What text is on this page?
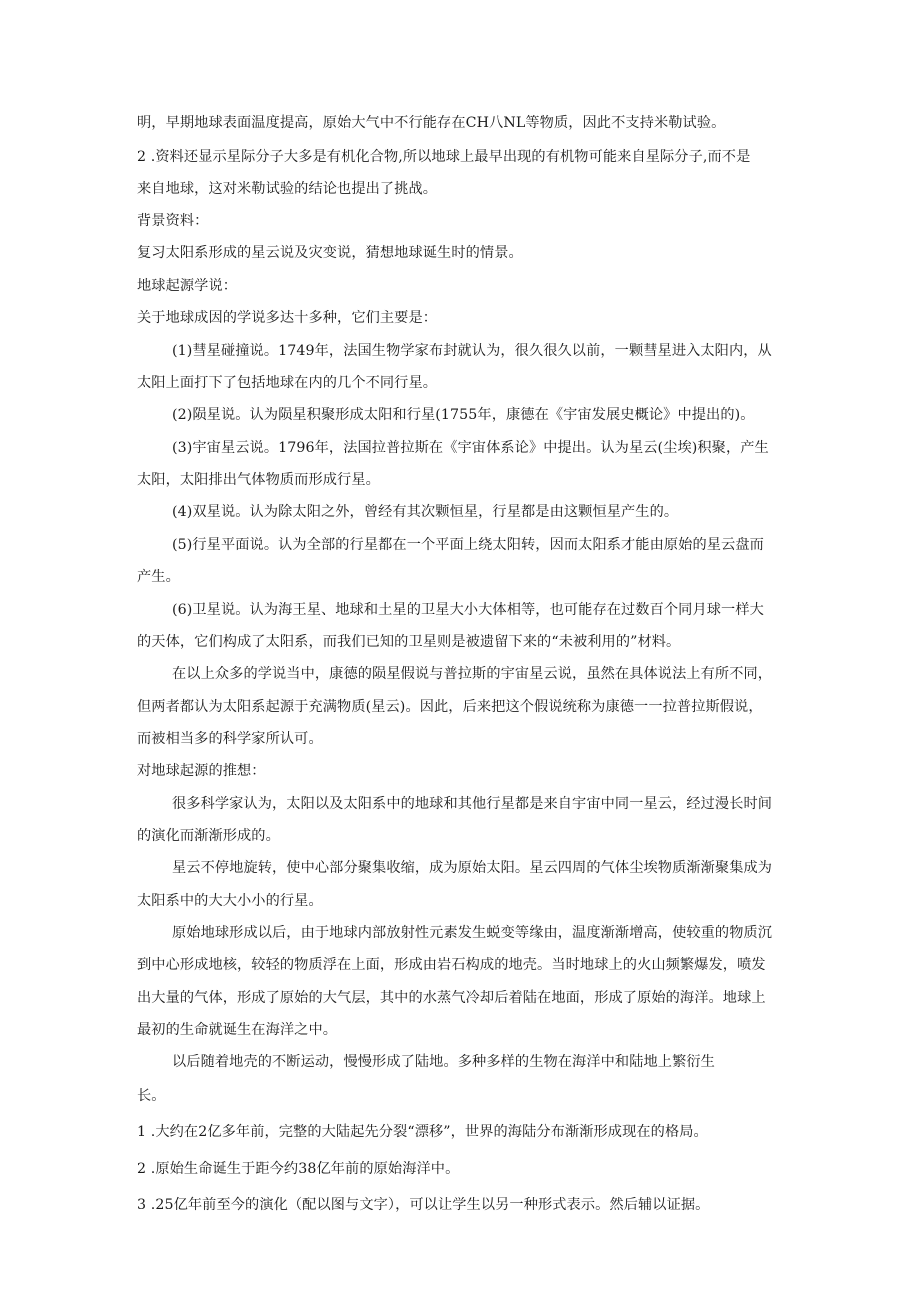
明，早期地球表面温度提高，原始大气中不行能存在CH八NL等物质，因此不支持米勒试验。
2 .资料还显示星际分子大多是有机化合物,所以地球上最早出现的有机物可能来自星际分子,而不是
来自地球，这对米勒试验的结论也提出了挑战。
背景资料：
复习太阳系形成的星云说及灾变说，猜想地球诞生时的情景。
地球起源学说：
关于地球成因的学说多达十多种，它们主要是：
(1)彗星碰撞说。1749年，法国生物学家布封就认为，很久很久以前，一颗彗星进入太阳内，从
太阳上面打下了包括地球在内的几个不同行星。
(2)陨星说。认为陨星积聚形成太阳和行星(1755年，康德在《宇宙发展史概论》中提出的)。
(3)宇宙星云说。1796年，法国拉普拉斯在《宇宙体系论》中提出。认为星云(尘埃)积聚，产生
太阳，太阳排出气体物质而形成行星。
(4)双星说。认为除太阳之外，曾经有其次颗恒星，行星都是由这颗恒星产生的。
(5)行星平面说。认为全部的行星都在一个平面上绕太阳转，因而太阳系才能由原始的星云盘而
产生。
(6)卫星说。认为海王星、地球和土星的卫星大小大体相等，也可能存在过数百个同月球一样大
的天体，它们构成了太阳系，而我们已知的卫星则是被遗留下来的“未被利用的”材料。
在以上众多的学说当中，康德的陨星假说与普拉斯的宇宙星云说，虽然在具体说法上有所不同，
但两者都认为太阳系起源于充满物质(星云)。因此，后来把这个假说统称为康德一一拉普拉斯假说，
而被相当多的科学家所认可。
对地球起源的推想：
很多科学家认为，太阳以及太阳系中的地球和其他行星都是来自宇宙中同一星云，经过漫长时间
的演化而渐渐形成的。
星云不停地旋转，使中心部分聚集收缩，成为原始太阳。星云四周的气体尘埃物质渐渐聚集成为
太阳系中的大大小小的行星。
原始地球形成以后，由于地球内部放射性元素发生蜕变等缘由，温度渐渐增高，使较重的物质沉
到中心形成地核，较轻的物质浮在上面，形成由岩石构成的地壳。当时地球上的火山频繁爆发，喷发
出大量的气体，形成了原始的大气层，其中的水蒸气冷却后着陆在地面，形成了原始的海洋。地球上
最初的生命就诞生在海洋之中。
以后随着地壳的不断运动，慢慢形成了陆地。多种多样的生物在海洋中和陆地上繁衍生
长。
1 .大约在2亿多年前，完整的大陆起先分裂“漂移”，世界的海陆分布渐渐形成现在的格局。
2 .原始生命诞生于距今约38亿年前的原始海洋中。
3 .25亿年前至今的演化（配以图与文字），可以让学生以另一种形式表示。然后辅以证据。
